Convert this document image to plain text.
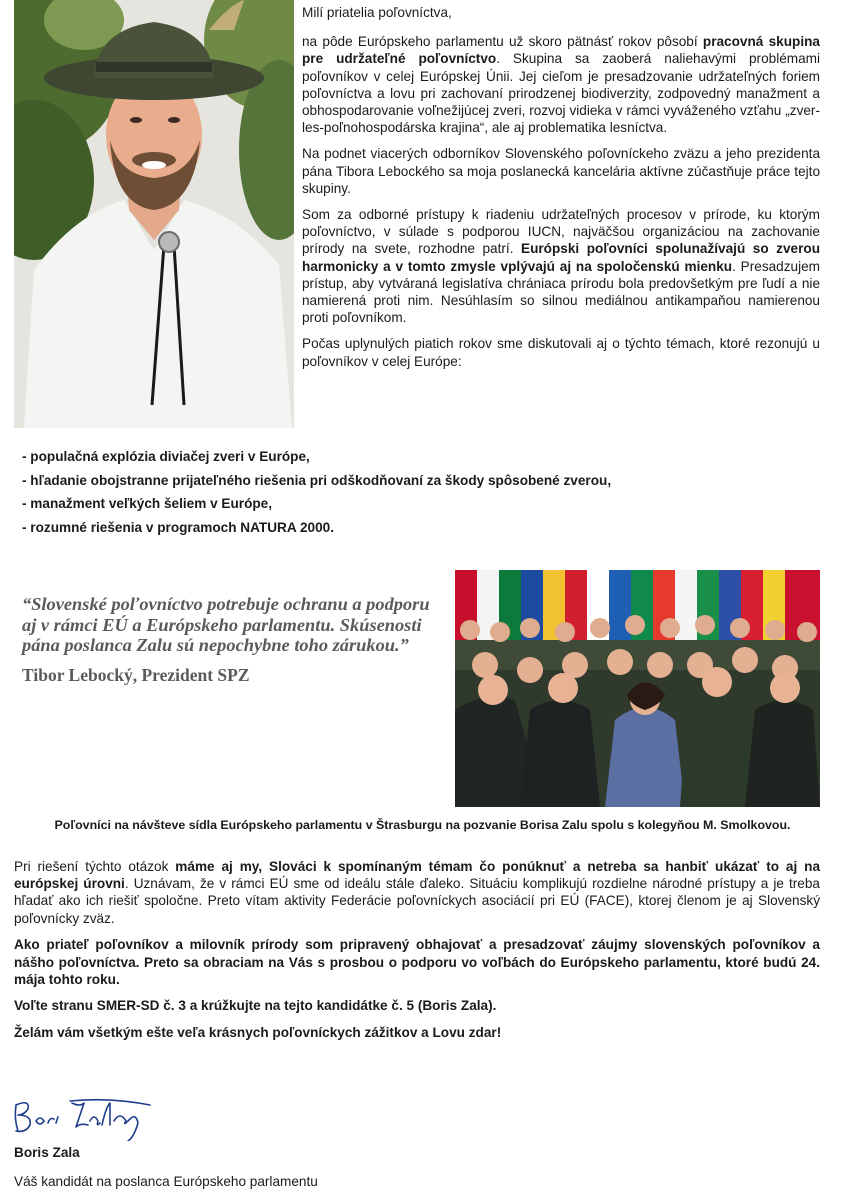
Milí priatelia poľovníctva,

na pôde Európskeho parlamentu už skoro pätnásť rokov pôsobí pracovná skupina pre udržateľné poľovníctvo. Skupina sa zaoberá naliehavými problémami poľovníkov v celej Európskej Únii. Jej cieľom je presadzovanie udržateľných foriem poľovníctva a lovu pri zachovaní prirodzenej biodiverzity, zodpovedný manažment a obhospodarovanie voľnežijúcej zveri, rozvoj vidieka v rámci vyváženého vzťahu „zver-les-poľnohospodárska krajina“, ale aj problematika lesníctva.

Na podnet viacerých odborníkov Slovenského poľovníckeho zväzu a jeho prezidenta pána Tibora Lebockého sa moja poslanecká kancelária aktívne zúčastňuje práce tejto skupiny.

Som za odborné prístupy k riadeniu udržateľných procesov v prírode, ku ktorým poľovníctvo, v súlade s podporou IUCN, najväčšou organizáciou na zachovanie prírody na svete, rozhodne patrí. Európski poľovníci spolunažívajú so zverou harmonicky a v tomto zmysle vplývajú aj na spoločenskú mienku. Presadzujem prístup, aby vytváraná legislatíva chrániaca prírodu bola predovšetkým pre ľudí a nie namierená proti nim. Nesúhlasím so silnou mediálnou antikampaňou namierenou proti poľovníkom.

Počas uplynulých piatich rokov sme diskutovali aj o týchto témach, ktoré rezonujú u poľovníkov v celej Európe:

- populačná explózia diviačej zveri v Európe,
- hľadanie obojstranne prijateľného riešenia pri odškodňovaní za škody spôsobené zverou,
- manažment veľkých šeliem v Európe,
- rozumné riešenia v programoch NATURA 2000.
“Slovenské poľovníctvo potrebuje ochranu a podporu aj v rámci EÚ a Európskeho parlamentu. Skúsenosti pána poslanca Zalu sú nepochybne toho zárukou.”
Tibor Lebocký, Prezident SPZ
Poľovníci na návšteve sídla Európskeho parlamentu v Štrasburgu na pozvanie Borisa Zalu spolu s kolegyňou M. Smolkovou.

Pri riešení týchto otázok máme aj my, Slováci k spomínaným témam čo ponúknuť a netreba sa hanbiť ukázať to aj na európskej úrovni. Uznávam, že v rámci EÚ sme od ideálu stále ďaleko. Situáciu komplikujú rozdielne národné prístupy a je treba hľadať ako ich riešiť spoločne. Preto vítam aktivity Federácie poľovníckych asociácií pri EÚ (FACE), ktorej členom je aj Slovenský poľovnícky zväz.

Ako priateľ poľovníkov a milovník prírody som pripravený obhajovať a presadzovať záujmy slovenských poľovníkov a nášho poľovníctva. Preto sa obraciam na Vás s prosbou o podporu vo voľbách do Európskeho parlamentu, ktoré budú 24. mája tohto roku.

Voľte stranu SMER-SD č. 3 a krúžkujte na tejto kandidátke č. 5 (Boris Zala).

Želám vám všetkým ešte veľa krásnych poľovníckych zážitkov a Lovu zdar!

Boris Zala
Váš kandidát na poslanca Európskeho parlamentu
